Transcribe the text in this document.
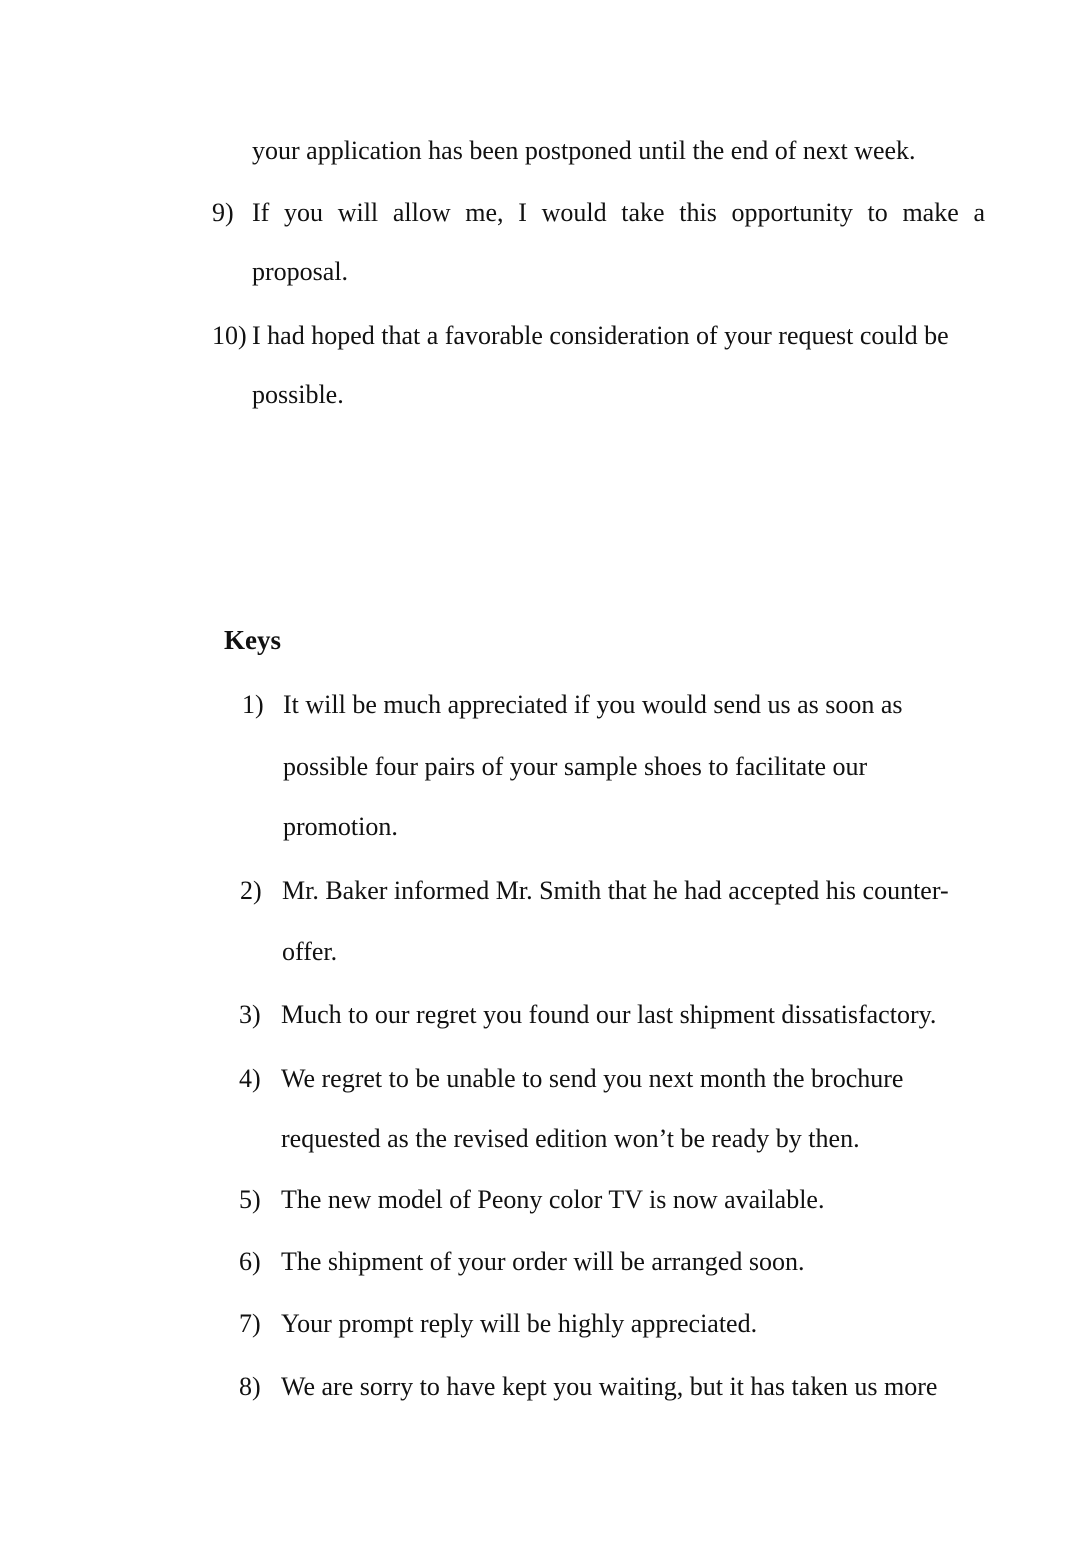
your application has been postponed until the end of next week.
9) If you will allow me, I would take this opportunity to make a
proposal.
10) I had hoped that a favorable consideration of your request could be
possible.
Keys
1) It will be much appreciated if you would send us as soon as
possible four pairs of your sample shoes to facilitate our
promotion.
2) Mr. Baker informed Mr. Smith that he had accepted his counter-
offer.
3) Much to our regret you found our last shipment dissatisfactory.
4) We regret to be unable to send you next month the brochure
requested as the revised edition won’t be ready by then.
5) The new model of Peony color TV is now available.
6) The shipment of your order will be arranged soon.
7) Your prompt reply will be highly appreciated.
8) We are sorry to have kept you waiting, but it has taken us more
